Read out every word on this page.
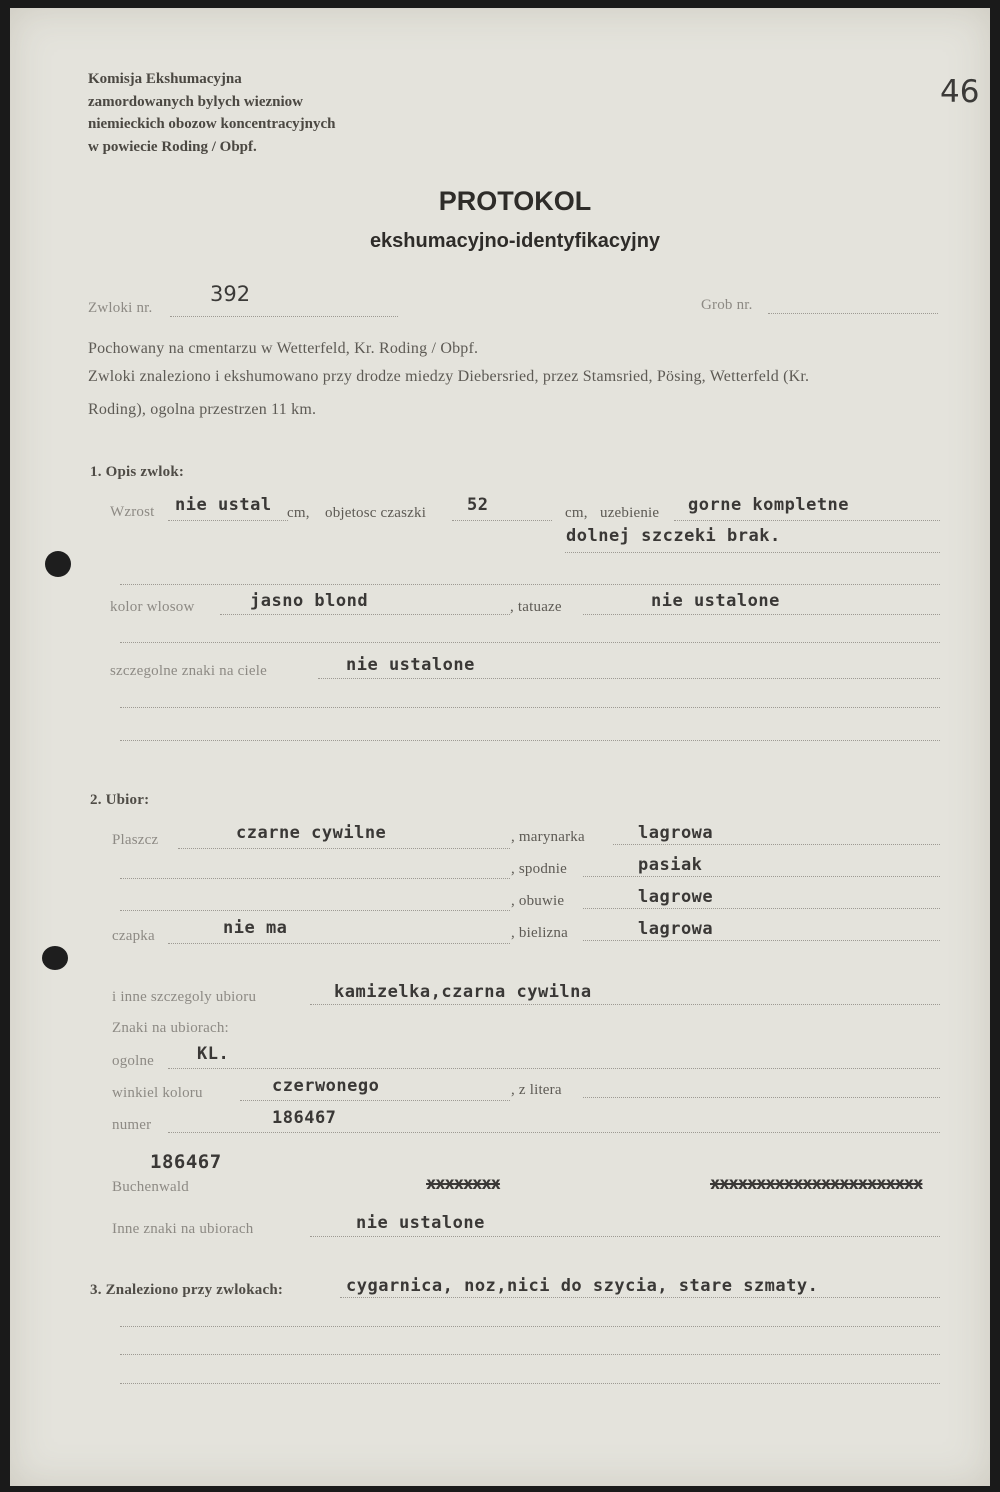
Komisja Ekshumacyjna
zamordowanych bylych wiezniow
niemieckich obozow koncentracyjnych
w powiecie Roding / Obpf.
46
PROTOKOL
ekshumacyjno-identyfikacyjny
Zwloki nr.
392	Grob nr.
Pochowany na cmentarzu w Wetterfeld, Kr. Roding / Obpf.
Zwloki znaleziono i ekshumowano przy drodze miedzy Diebersried, przez Stamsried, Pösing, Wetterfeld (Kr.
Roding), ogolna przestrzen 11 km.
1. Opis zwlok:
Wzrost nie ustal cm, objetosc czaszki 52	cm, uzebienie gorne kompletne
dolnej szczeki brak.
kolor wlosow	jasno blond	, tatuaze	nie ustalone
szczegolne znaki na ciele	nie ustalone
2. Ubior:
Plaszcz	czarne cywilne	, marynarka	lagrowa
, spodnie	pasiak
, obuwie	lagrowe
czapka	nie ma	, bielizna	lagrowa
i inne szczegoly ubioru	kamizelka,czarna cywilna
Znaki na ubiorach:
ogolne	KL.
winkiel koloru	czerwonego	, z litera
numer	186467
186467
Buchenwald	xxxxxxxx	xxxxxxxxxxxxxxxxxxxxxxx
Inne znaki na ubiorach	nie ustalone
3. Znaleziono przy zwlokach:	cygarnica, noz,nici do szycia, stare szmaty.
